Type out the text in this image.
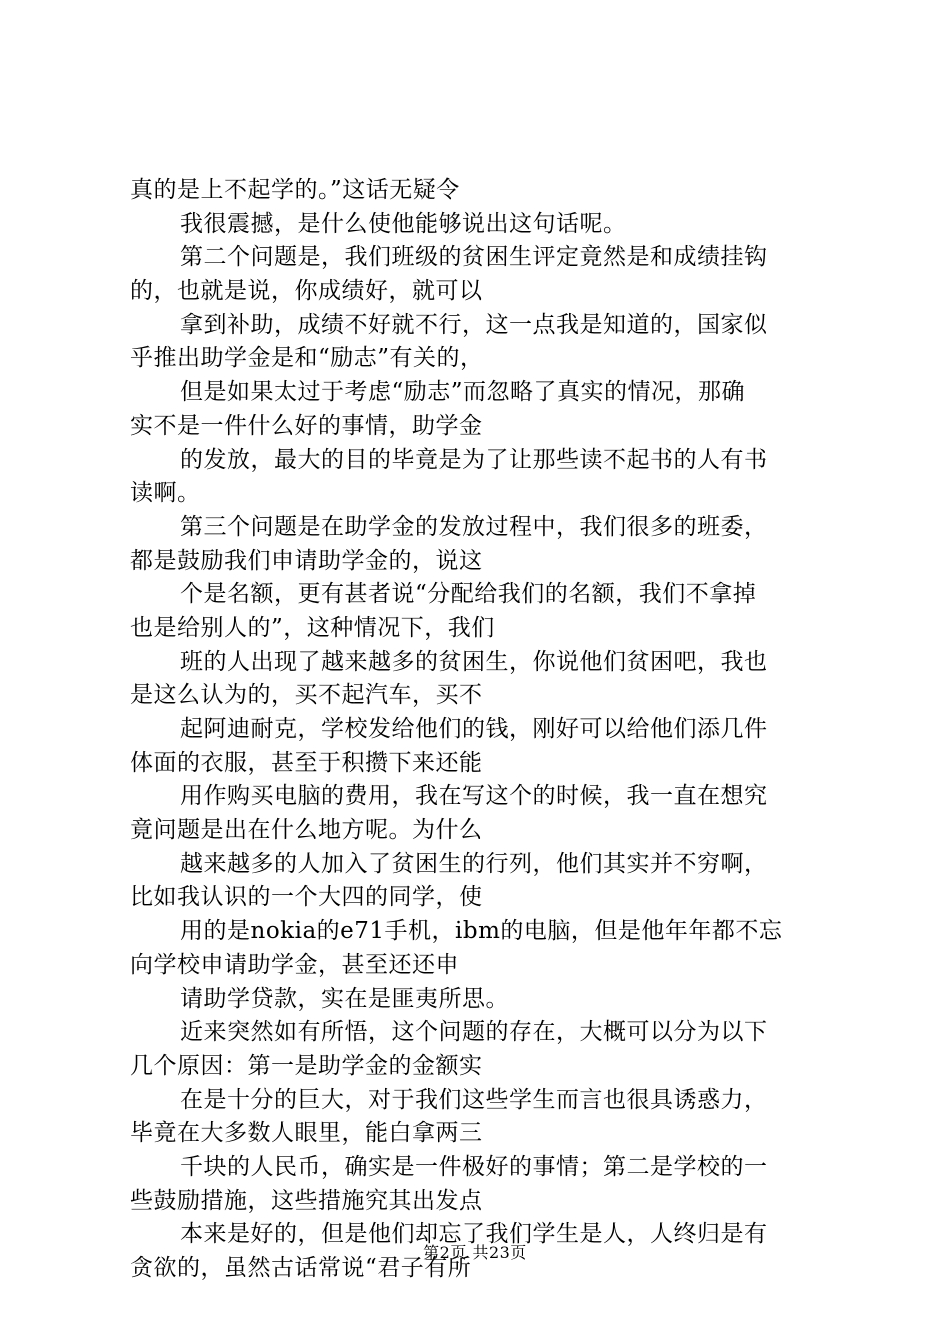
真的是上不起学的。”这话无疑令
我很震撼，是什么使他能够说出这句话呢。
第二个问题是，我们班级的贫困生评定竟然是和成绩挂钩
的，也就是说，你成绩好，就可以
拿到补助，成绩不好就不行，这一点我是知道的，国家似
乎推出助学金是和“励志”有关的，
但是如果太过于考虑“励志”而忽略了真实的情况，那确
实不是一件什么好的事情，助学金
的发放，最大的目的毕竟是为了让那些读不起书的人有书
读啊。
第三个问题是在助学金的发放过程中，我们很多的班委，
都是鼓励我们申请助学金的，说这
个是名额，更有甚者说“分配给我们的名额，我们不拿掉
也是给别人的”，这种情况下，我们
班的人出现了越来越多的贫困生，你说他们贫困吧，我也
是这么认为的，买不起汽车，买不
起阿迪耐克，学校发给他们的钱，刚好可以给他们添几件
体面的衣服，甚至于积攒下来还能
用作购买电脑的费用，我在写这个的时候，我一直在想究
竟问题是出在什么地方呢。为什么
越来越多的人加入了贫困生的行列，他们其实并不穷啊，
比如我认识的一个大四的同学，使
用的是nokia的e71手机，ibm的电脑，但是他年年都不忘
向学校申请助学金，甚至还还申
请助学贷款，实在是匪夷所思。
近来突然如有所悟，这个问题的存在，大概可以分为以下
几个原因：第一是助学金的金额实
在是十分的巨大，对于我们这些学生而言也很具诱惑力，
毕竟在大多数人眼里，能白拿两三
千块的人民币，确实是一件极好的事情；第二是学校的一
些鼓励措施，这些措施究其出发点
本来是好的，但是他们却忘了我们学生是人，人终归是有
贪欲的，虽然古话常说“君子有所
第2页 共23页
